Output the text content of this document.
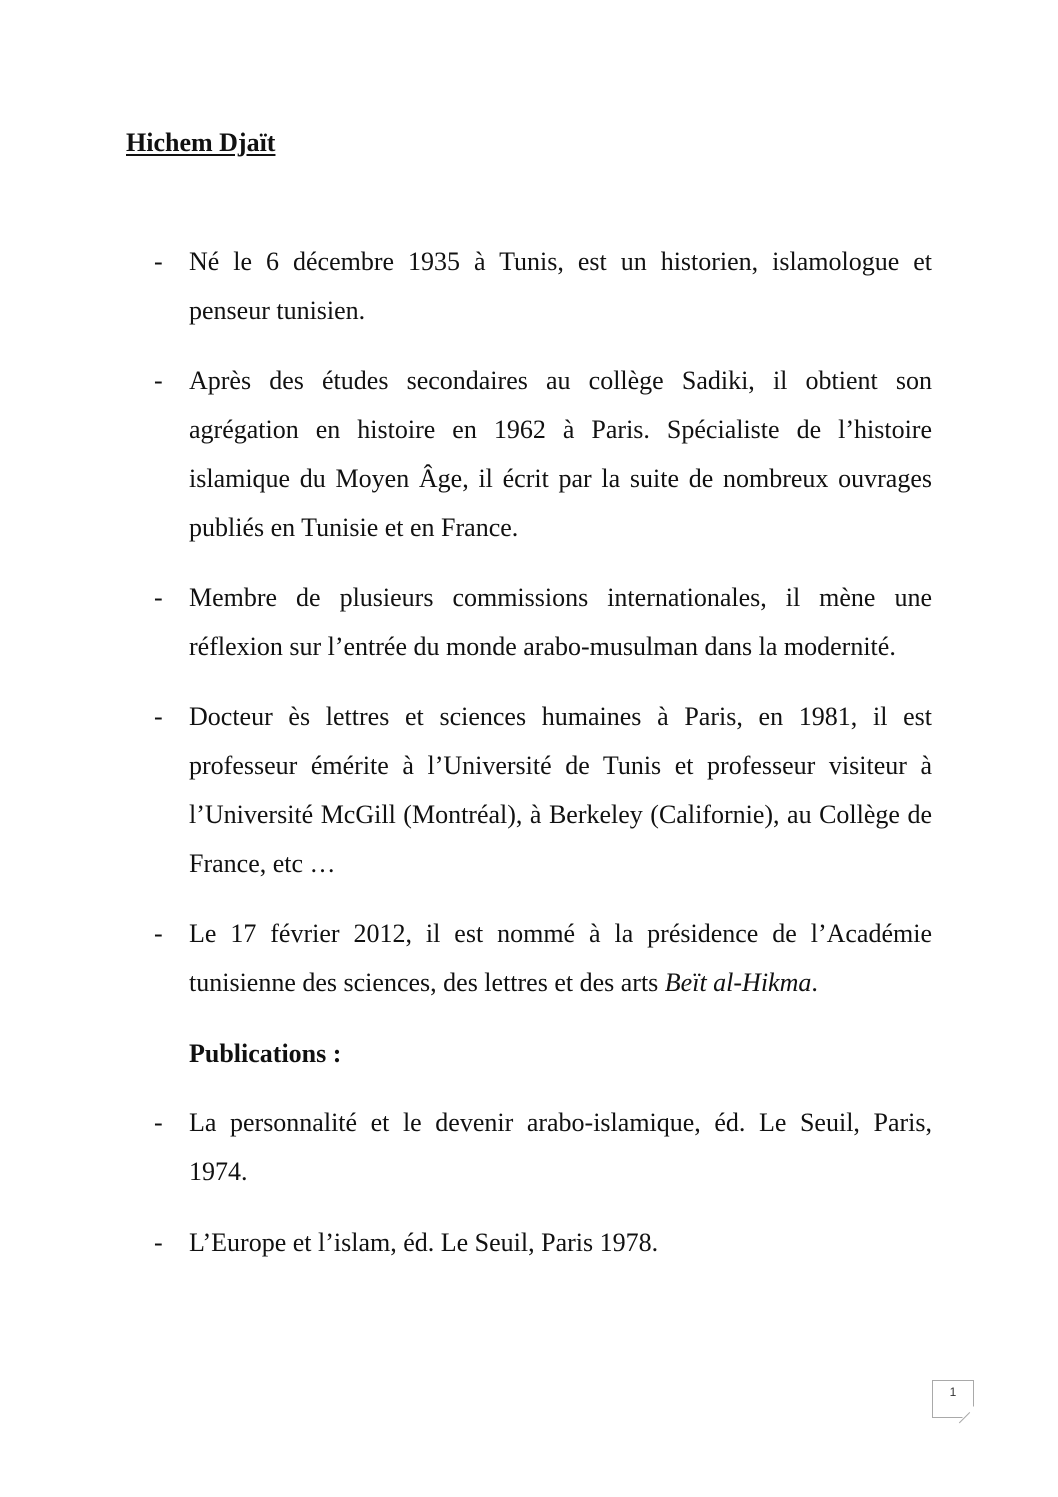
Hichem Djaït

- Né le 6 décembre 1935 à Tunis, est un historien, islamologue et penseur tunisien.

- Après des études secondaires au collège Sadiki, il obtient son agrégation en histoire en 1962 à Paris. Spécialiste de l’histoire islamique du Moyen Âge, il écrit par la suite de nombreux ouvrages publiés en Tunisie et en France.

- Membre de plusieurs commissions internationales, il mène une réflexion sur l’entrée du monde arabo-musulman dans la modernité.

- Docteur ès lettres et sciences humaines à Paris, en 1981, il est professeur émérite à l’Université de Tunis et professeur visiteur à l’Université McGill (Montréal), à Berkeley (Californie), au Collège de France, etc …

- Le 17 février 2012, il est nommé à la présidence de l’Académie tunisienne des sciences, des lettres et des arts Beït al-Hikma.

Publications :

- La personnalité et le devenir arabo-islamique, éd. Le Seuil, Paris, 1974.

- L’Europe et l’islam, éd. Le Seuil, Paris 1978.

1
